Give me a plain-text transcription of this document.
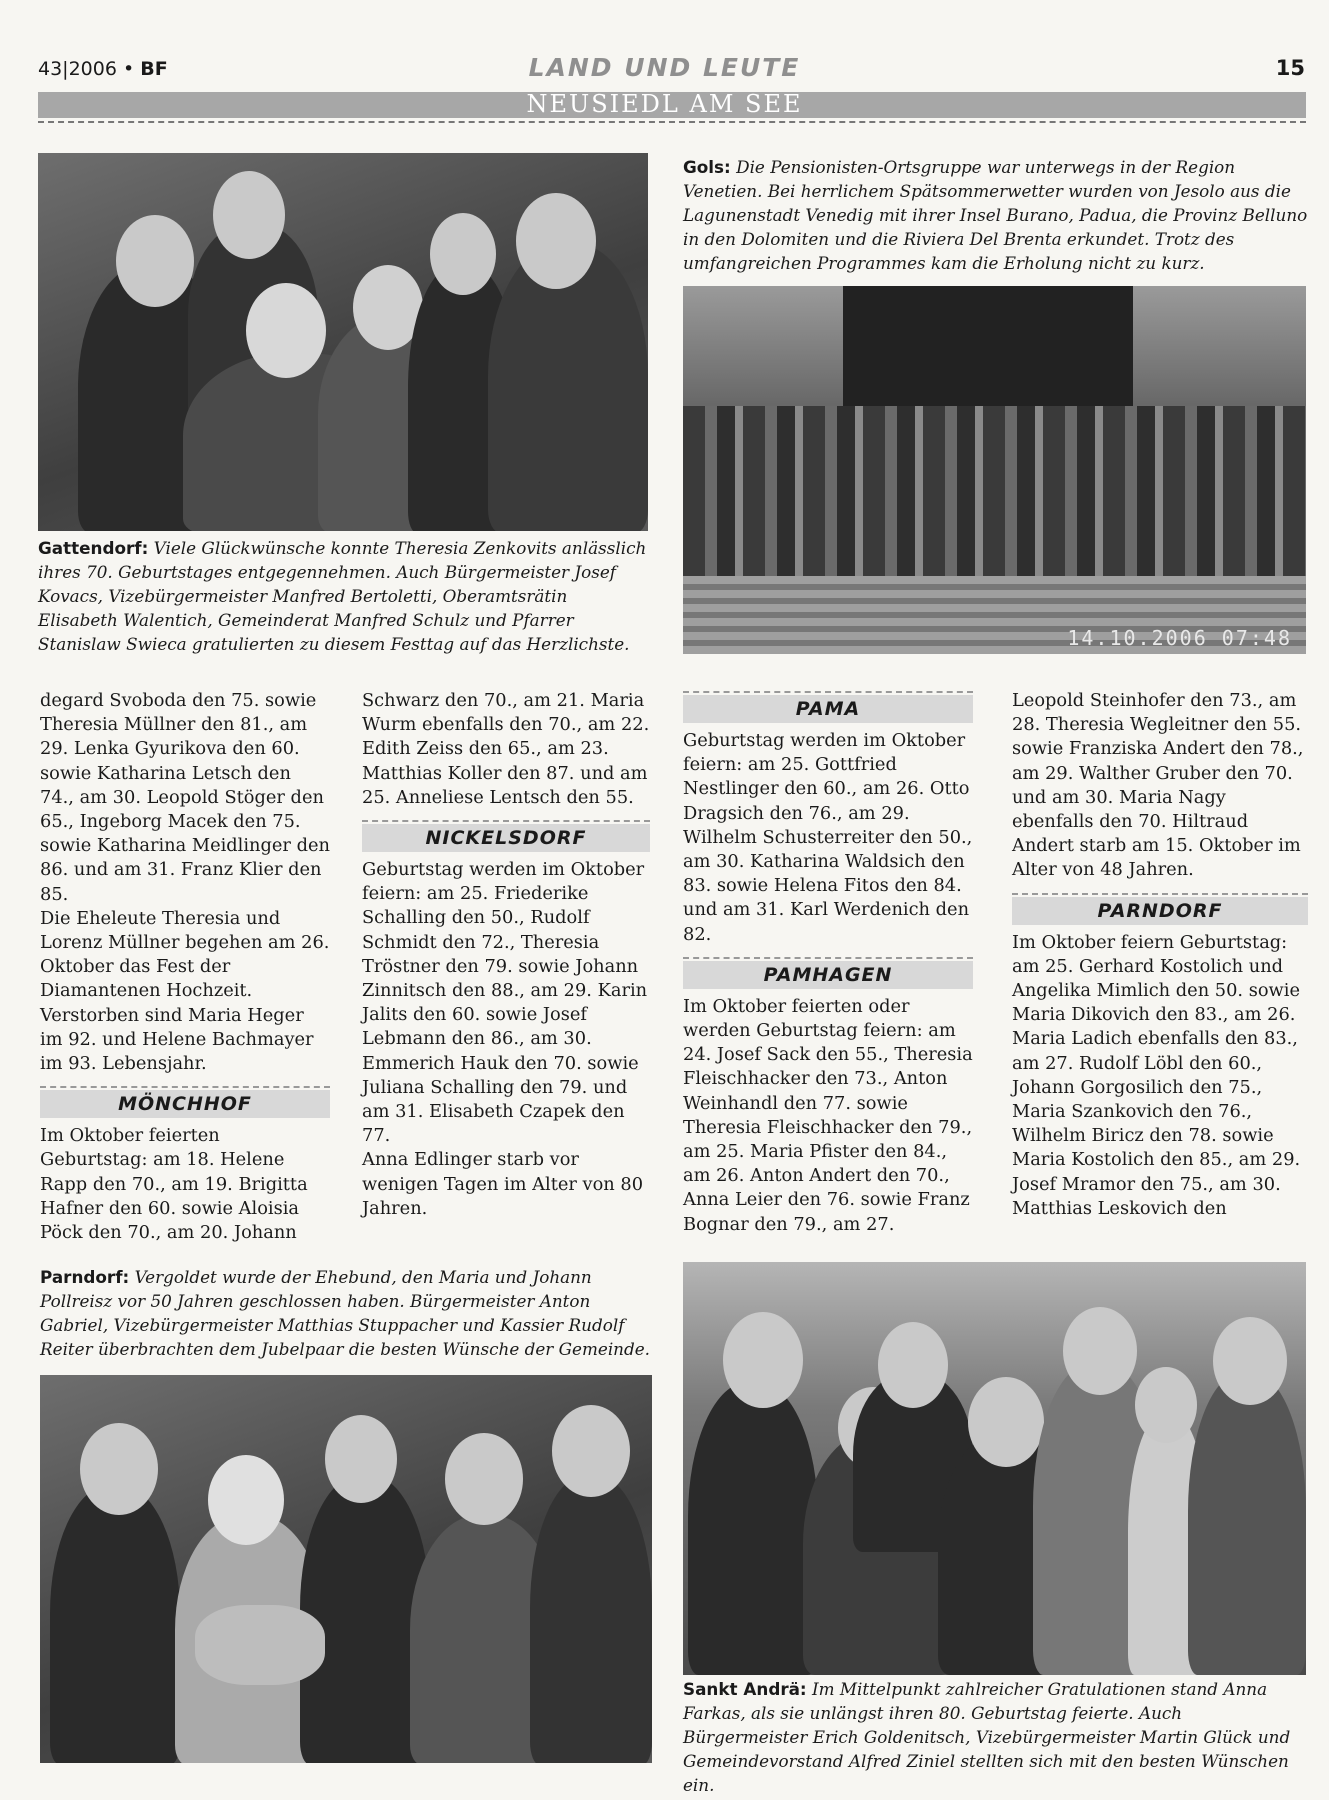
43|2006 • BF	LAND UND LEUTE	15
NEUSIEDL AM SEE
Gattendorf: Viele Glückwünsche konnte Theresia Zenkovits anlässlich ihres 70. Geburtstages entgegennehmen. Auch Bürgermeister Josef Kovacs, Vizebürgermeister Manfred Bertoletti, Oberamtsrätin Elisabeth Walentich, Gemeinderat Manfred Schulz und Pfarrer Stanislaw Swieca gratulierten zu diesem Festtag auf das Herzlichste.
Gols: Die Pensionisten-Ortsgruppe war unterwegs in der Region Venetien. Bei herrlichem Spätsommerwetter wurden von Jesolo aus die Lagunenstadt Venedig mit ihrer Insel Burano, Padua, die Provinz Belluno in den Dolomiten und die Riviera Del Brenta erkundet. Trotz des umfangreichen Programmes kam die Erholung nicht zu kurz.
14.10.2006 07:48

degard Svoboda den 75. sowie Theresia Müllner den 81., am 29. Lenka Gyurikova den 60. sowie Katharina Letsch den 74., am 30. Leopold Stöger den 65., Ingeborg Macek den 75. sowie Katharina Meidlinger den 86. und am 31. Franz Klier den 85.

Die Eheleute Theresia und Lorenz Müllner begehen am 26. Oktober das Fest der Diamantenen Hochzeit.

Verstorben sind Maria Heger im 92. und Helene Bachmayer im 93. Lebensjahr.

MÖNCHHOF

Im Oktober feierten Geburtstag: am 18. Helene Rapp den 70., am 19. Brigitta Hafner den 60. sowie Aloisia Pöck den 70., am 20. Johann

Schwarz den 70., am 21. Maria Wurm ebenfalls den 70., am 22. Edith Zeiss den 65., am 23. Matthias Koller den 87. und am 25. Anneliese Lentsch den 55.

NICKELSDORF

Geburtstag werden im Oktober feiern: am 25. Friederike Schalling den 50., Rudolf Schmidt den 72., Theresia Tröstner den 79. sowie Johann Zinnitsch den 88., am 29. Karin Jalits den 60. sowie Josef Lebmann den 86., am 30. Emmerich Hauk den 70. sowie Juliana Schalling den 79. und am 31. Elisabeth Czapek den 77.

Anna Edlinger starb vor wenigen Tagen im Alter von 80 Jahren.

PAMA

Geburtstag werden im Oktober feiern: am 25. Gottfried Nestlinger den 60., am 26. Otto Dragsich den 76., am 29. Wilhelm Schusterreiter den 50., am 30. Katharina Waldsich den 83. sowie Helena Fitos den 84. und am 31. Karl Werdenich den 82.

PAMHAGEN

Im Oktober feierten oder werden Geburtstag feiern: am 24. Josef Sack den 55., Theresia Fleischhacker den 73., Anton Weinhandl den 77. sowie Theresia Fleischhacker den 79., am 25. Maria Pfister den 84., am 26. Anton Andert den 70., Anna Leier den 76. sowie Franz Bognar den 79., am 27.

Leopold Steinhofer den 73., am 28. Theresia Wegleitner den 55. sowie Franziska Andert den 78., am 29. Walther Gruber den 70. und am 30. Maria Nagy ebenfalls den 70. Hiltraud Andert starb am 15. Oktober im Alter von 48 Jahren.

PARNDORF

Im Oktober feiern Geburtstag: am 25. Gerhard Kostolich und Angelika Mimlich den 50. sowie Maria Dikovich den 83., am 26. Maria Ladich ebenfalls den 83., am 27. Rudolf Löbl den 60., Johann Gorgosilich den 75., Maria Szankovich den 76., Wilhelm Biricz den 78. sowie Maria Kostolich den 85., am 29. Josef Mramor den 75., am 30. Matthias Leskovich den

Parndorf: Vergoldet wurde der Ehebund, den Maria und Johann Pollreisz vor 50 Jahren geschlossen haben. Bürgermeister Anton Gabriel, Vizebürgermeister Matthias Stuppacher und Kassier Rudolf Reiter überbrachten dem Jubelpaar die besten Wünsche der Gemeinde.
Sankt Andrä: Im Mittelpunkt zahlreicher Gratulationen stand Anna Farkas, als sie unlängst ihren 80. Geburtstag feierte. Auch Bürgermeister Erich Goldenitsch, Vizebürgermeister Martin Glück und Gemeindevorstand Alfred Ziniel stellten sich mit den besten Wünschen ein.
